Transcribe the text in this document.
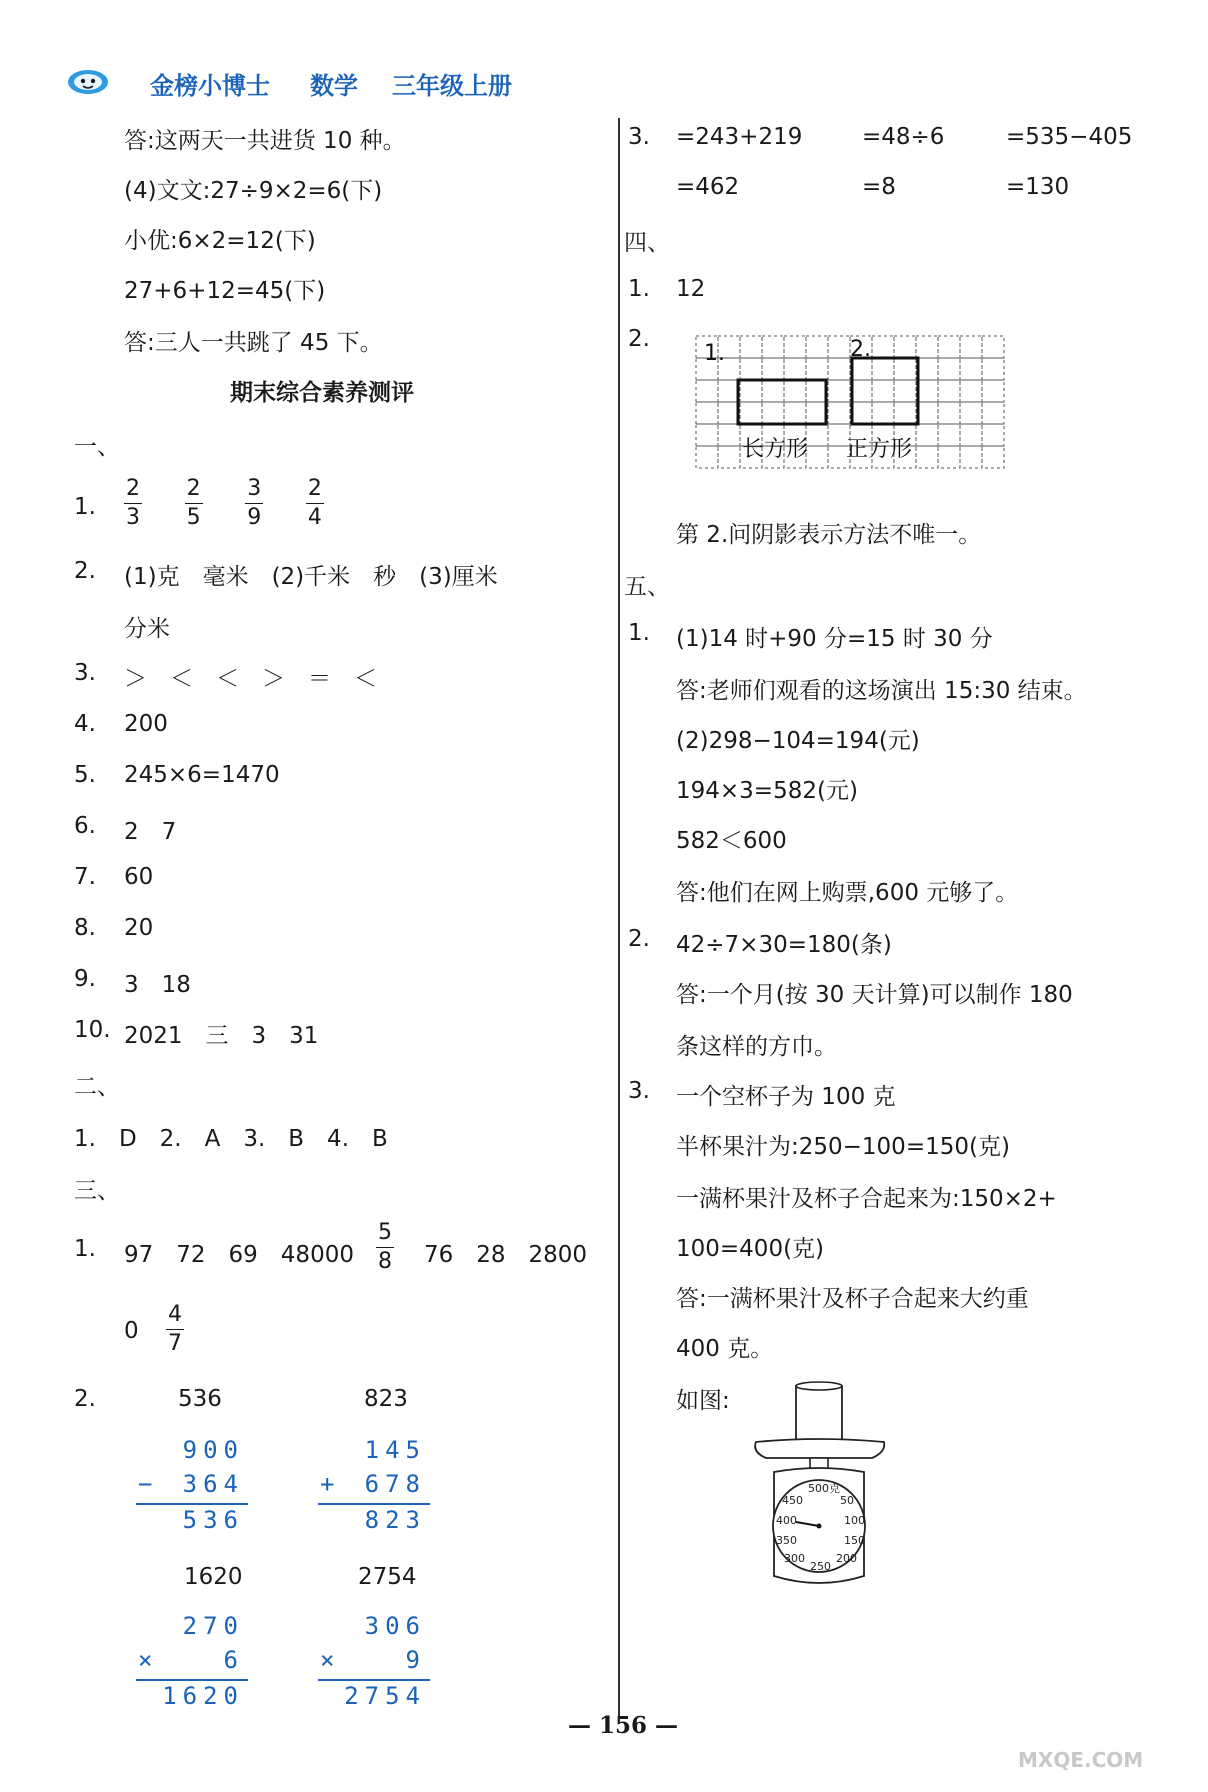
金榜小博士 数学 三年级上册
答:这两天一共进货 10 种。
(4)文文:27÷9×2=6(下)
小优:6×2=12(下)
27+6+12=45(下)
答:三人一共跳了 45 下。
期末综合素养测评
一、
1. $\frac{2}{3}$
$\frac{2}{5}$
$\frac{3}{9}$
$\frac{2}{4}$
2. (1)克　毫米　(2)千米　秒　(3)厘米
分米
3. ＞　＜　＜　＞　＝　＜
4. 200
5. 245×6=1470
6. 2　7
7. 60
8. 20
9. 3　18
10. 2021　三　3　31
二、
1.　D　2.　A　3.　B　4.　B
三、
1. 97　72　69　$48000 \frac{5}{8} 76$　28　2800
$0 \frac{4}{7}$
2.	536
900
−	364
536
823
145
+	678
823
1620
270
×	6
1620
2754
306
×	9
2754
3. =243+219	=48÷6	=535−405
=462	=8	=130
四、
1. 12
2.
1.	2.
长方形 正方形
第 2.问阴影表示方法不唯一。
五、
1. (1)14 时+90 分=15 时 30 分
答:老师们观看的这场演出 15:30 结束。
(2)298−104=194(元)
194×3=582(元)
582＜600
答:他们在网上购票,600 元够了。
2. 42÷7×30=180(条)
答:一个月(按 30 天计算)可以制作 180
条这样的方巾。
3. 一个空杯子为 100 克
半杯果汁为:250−100=150(克)
一满杯果汁及杯子合起来为:150×2+
100=400(克)
答:一满杯果汁及杯子合起来大约重
400 克。
如图:
500克
50
100
150
200
250
300
350
400
450
— 156 —
MXQE.COM
